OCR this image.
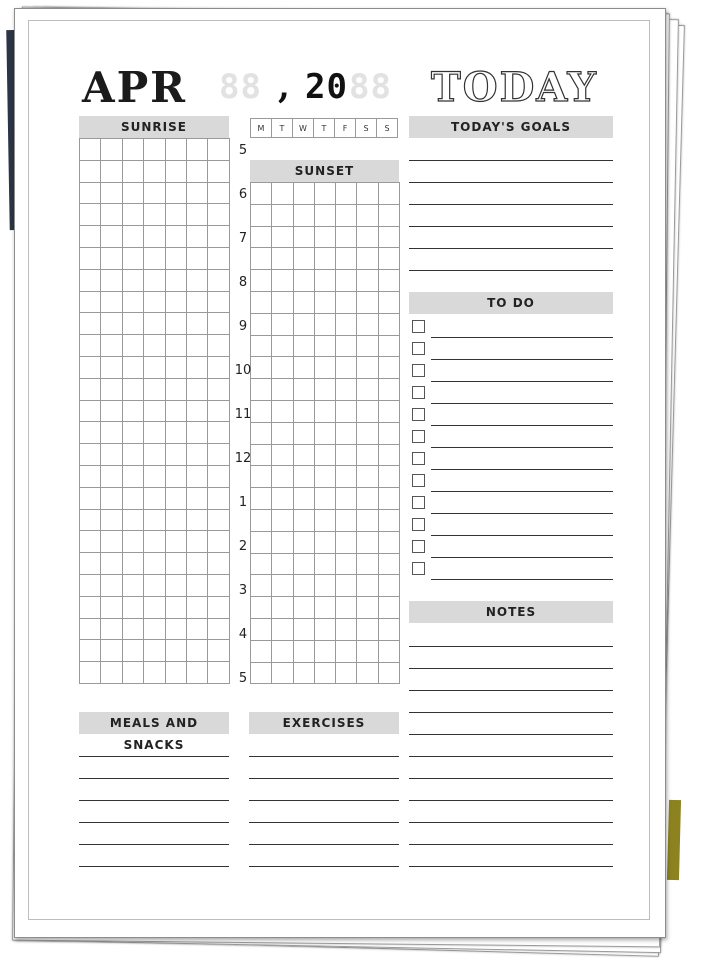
APR 88 , 20 88 TODAY
SUNRISE

							M	T	W	T	F	S	S
SUNSET

5
6
7
8
9
10
11
12
1
2
3
4
5
TODAY'S GOALS
TO DO
NOTES
MEALS AND SNACKS
EXERCISES
